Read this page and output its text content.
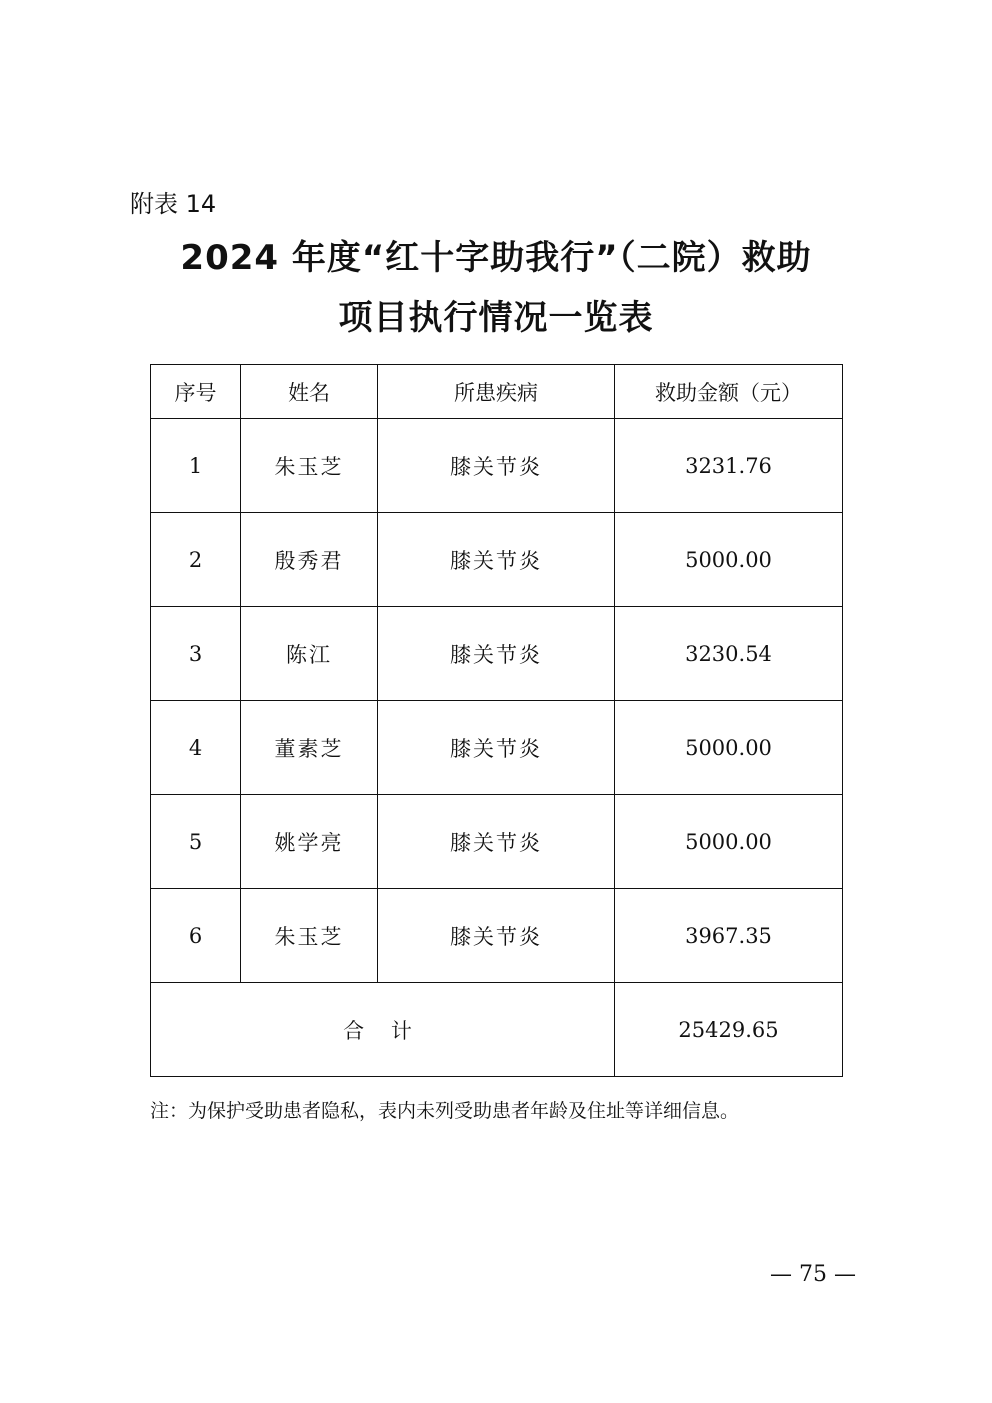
附表 14
2024 年度“红十字助我行”（二院）救助
项目执行情况一览表
序号	姓名	所患疾病	救助金额（元）
1	朱玉芝	膝关节炎	3231.76
2	殷秀君	膝关节炎	5000.00
3	陈江	膝关节炎	3230.54
4	董素芝	膝关节炎	5000.00
5	姚学亮	膝关节炎	5000.00
6	朱玉芝	膝关节炎	3967.35
合 计			25429.65
注：为保护受助患者隐私，表内未列受助患者年龄及住址等详细信息。
— 75 —
